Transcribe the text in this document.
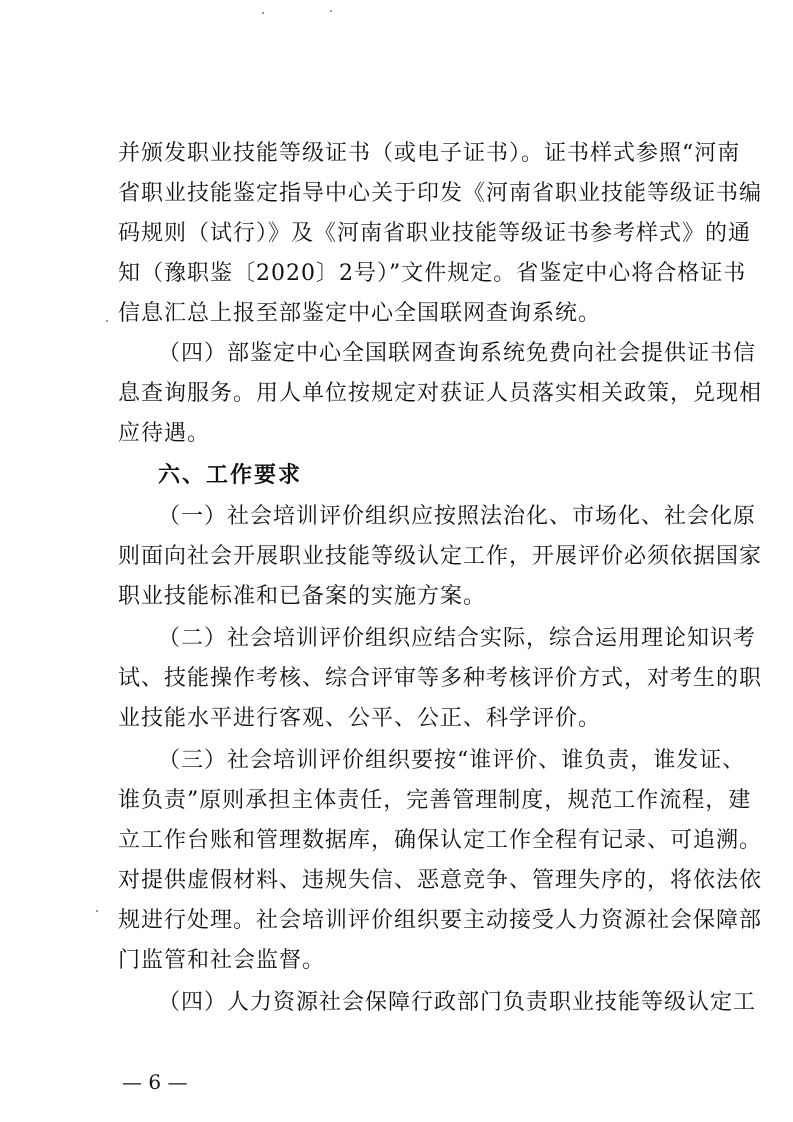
并颁发职业技能等级证书（或电子证书）。证书样式参照“河南
省职业技能鉴定指导中心关于印发《河南省职业技能等级证书编
码规则（试行）》及《河南省职业技能等级证书参考样式》的通
知（豫职鉴〔2020〕2号）”文件规定。省鉴定中心将合格证书
信息汇总上报至部鉴定中心全国联网查询系统。
（四）部鉴定中心全国联网查询系统免费向社会提供证书信
息查询服务。用人单位按规定对获证人员落实相关政策，兑现相
应待遇。
六、工作要求
（一）社会培训评价组织应按照法治化、市场化、社会化原
则面向社会开展职业技能等级认定工作，开展评价必须依据国家
职业技能标准和已备案的实施方案。
（二）社会培训评价组织应结合实际，综合运用理论知识考
试、技能操作考核、综合评审等多种考核评价方式，对考生的职
业技能水平进行客观、公平、公正、科学评价。
（三）社会培训评价组织要按“谁评价、谁负责，谁发证、
谁负责”原则承担主体责任，完善管理制度，规范工作流程，建
立工作台账和管理数据库，确保认定工作全程有记录、可追溯。
对提供虚假材料、违规失信、恶意竞争、管理失序的，将依法依
规进行处理。社会培训评价组织要主动接受人力资源社会保障部
门监管和社会监督。
（四）人力资源社会保障行政部门负责职业技能等级认定工
— 6 —
